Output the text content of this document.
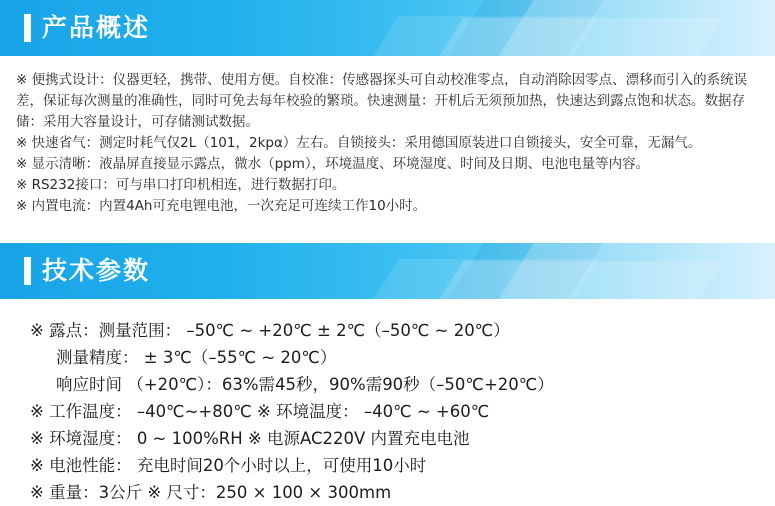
产品概述
※ 便携式设计：仪器更轻，携带、使用方便。自校准：传感器探头可自动校准零点，自动消除因零点、漂移而引入的系统误
差，保证每次测量的准确性，同时可免去每年校验的繁琐。快速测量：开机后无须预加热，快速达到露点饱和状态。数据存
储：采用大容量设计，可存储测试数据。
※ 快速省气：测定时耗气仅2L（101，2kpα）左右。自锁接头：采用德国原装进口自锁接头，安全可靠，无漏气。
※ 显示清晰：液晶屏直接显示露点，微水（ppm），环境温度、环境湿度、时间及日期、电池电量等内容。
※ RS232接口：可与串口打印机相连，进行数据打印。
※ 内置电流：内置4Ah可充电锂电池，一次充足可连续工作10小时。
技术参数
※ 露点：测量范围： –50℃ ~ +20℃ ± 2℃（–50℃ ~ 20℃）
测量精度： ± 3℃（–55℃ ~ 20℃）
响应时间 （+20℃）：63%需45秒，90%需90秒（–50℃+20℃）
※ 工作温度： –40℃~+80℃ ※ 环境温度： –40℃ ~ +60℃
※ 环境湿度： 0 ~ 100%RH ※ 电源AC220V 内置充电电池
※ 电池性能： 充电时间20个小时以上，可使用10小时
※ 重量：3公斤 ※ 尺寸：250 × 100 × 300mm
